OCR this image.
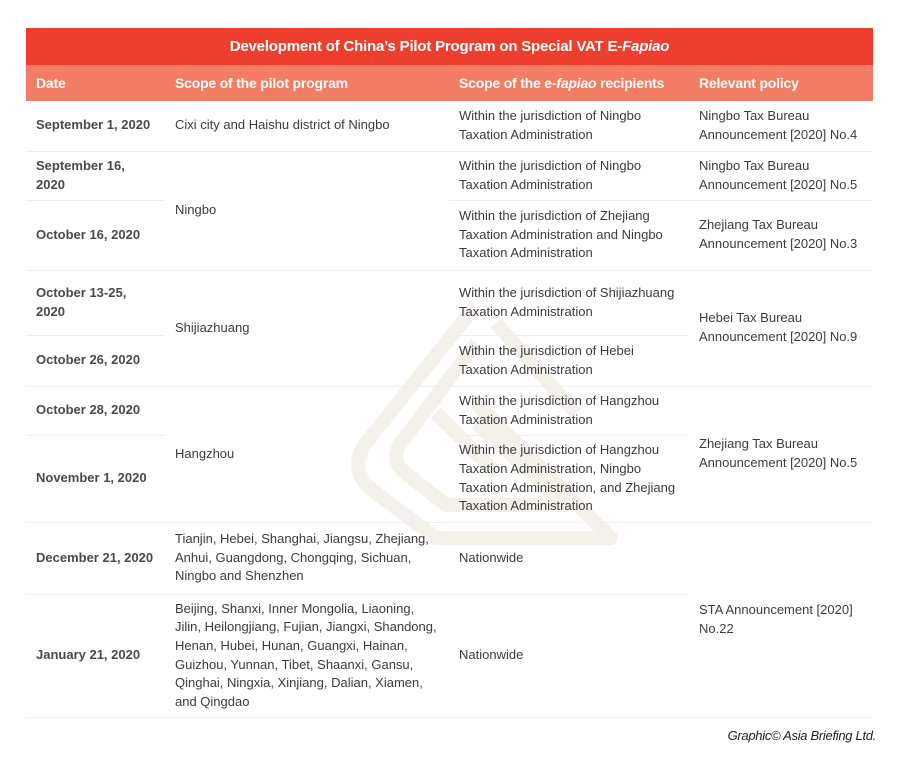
Development of China’s Pilot Program on Special VAT E- Fapiao
Date	Scope of the pilot program	Scope of the e-fapiao recipients	Relevant policy
September 1, 2020	Cixi city and Haishu district of Ningbo	Within the jurisdiction of Ningbo Taxation Administration	Ningbo Tax Bureau Announcement [2020] No.4
September 16, 2020	Ningbo	Within the jurisdiction of Ningbo Taxation Administration	Ningbo Tax Bureau Announcement [2020] No.5
October 16, 2020		Within the jurisdiction of Zhejiang Taxation Administration and Ningbo Taxation Administration	Zhejiang Tax Bureau Announcement [2020] No.3
October 13-25, 2020	Shijiazhuang	Within the jurisdiction of Shijiazhuang Taxation Administration	Hebei Tax Bureau Announcement [2020] No.9
October 26, 2020		Within the jurisdiction of Hebei Taxation Administration	
October 28, 2020	Hangzhou	Within the jurisdiction of Hangzhou Taxation Administration	Zhejiang Tax Bureau Announcement [2020] No.5
November 1, 2020		Within the jurisdiction of Hangzhou Taxation Administration, Ningbo Taxation Administration, and Zhejiang Taxation Administration	
December 21, 2020	Tianjin, Hebei, Shanghai, Jiangsu, Zhejiang, Anhui, Guangdong, Chongqing, Sichuan, Ningbo and Shenzhen	Nationwide	STA Announcement [2020] No.22
January 21, 2020	Beijing, Shanxi, Inner Mongolia, Liaoning, Jilin, Heilongjiang, Fujian, Jiangxi, Shandong, Henan, Hubei, Hunan, Guangxi, Hainan, Guizhou, Yunnan, Tibet, Shaanxi, Gansu, Qinghai, Ningxia, Xinjiang, Dalian, Xiamen, and Qingdao	Nationwide	
Graphic© Asia Briefing Ltd.
